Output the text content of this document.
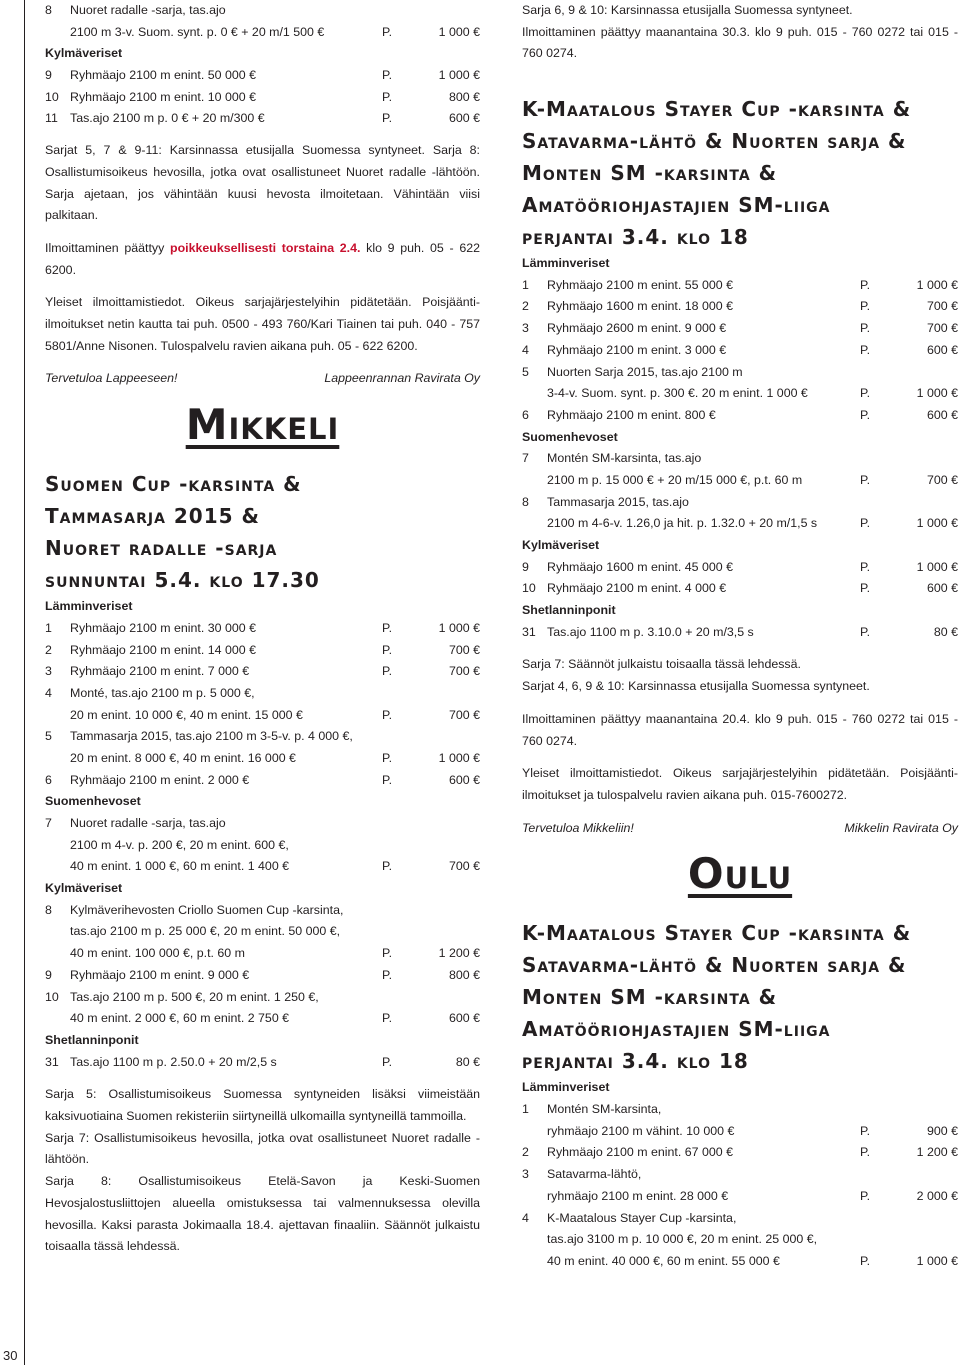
30
8	Nuoret radalle -sarja, tas.ajo
2100 m 3-v. Suom. synt. p. 0 € + 20 m/1 500 €	P.	1 000 €
Kylmäveriset
9	Ryhmäajo 2100 m enint. 50 000 €	P.	1 000 €
10 Ryhmäajo 2100 m enint. 10 000 €	P.	800 €
11 Tas.ajo 2100 m p. 0 € + 20 m/300 €	P.	600 €

Sarjat 5, 7 & 9-11: Karsinnassa etusijalla Suomessa syntyneet. Sarja 8: Osallistumisoikeus hevosilla, jotka ovat osallistuneet Nuoret radalle -lähtöön. Sarja ajetaan, jos vähintään kuusi hevosta ilmoitetaan. Vähintään viisi palkitaan.

Ilmoittaminen päättyy poikkeuksellisesti torstaina 2.4. klo 9 puh. 05 - 622 6200.

Yleiset ilmoittamistiedot. Oikeus sarjajärjestelyihin pidätetään. Poisjäänti-ilmoitukset netin kautta tai puh. 0500 - 493 760/Kari Tiainen tai puh. 040 - 757 5801/Anne Nisonen. Tulospalvelu ravien aikana puh. 05 - 622 6200.

Tervetuloa Lappeeseen!	Lappeenrannan Ravirata Oy
Mikkeli
Suomen Cup -karsinta &
Tammasarja 2015 &
Nuoret radalle -sarja
sunnuntai 5.4. klo 17.30
Lämminveriset
1	Ryhmäajo 2100 m enint. 30 000 €	P.	1 000 €
2	Ryhmäajo 2100 m enint. 14 000 €	P.	700 €
3	Ryhmäajo 2100 m enint. 7 000 €	P.	700 €
4	Monté, tas.ajo 2100 m p. 5 000 €,
20 m enint. 10 000 €, 40 m enint. 15 000 €	P.	700 €
5	Tammasarja 2015, tas.ajo 2100 m 3-5-v. p. 4 000 €,
20 m enint. 8 000 €, 40 m enint. 16 000 €	P.	1 000 €
6	Ryhmäajo 2100 m enint. 2 000 €	P.	600 €
Suomenhevoset
7	Nuoret radalle -sarja, tas.ajo
2100 m 4-v. p. 200 €, 20 m enint. 600 €,
40 m enint. 1 000 €, 60 m enint. 1 400 €	P.	700 €
Kylmäveriset
8	Kylmäverihevosten Criollo Suomen Cup -karsinta,
tas.ajo 2100 m p. 25 000 €, 20 m enint. 50 000 €,
40 m enint. 100 000 €, p.t. 60 m	P.	1 200 €
9	Ryhmäajo 2100 m enint. 9 000 €	P.	800 €
10 Tas.ajo 2100 m p. 500 €, 20 m enint. 1 250 €,
40 m enint. 2 000 €, 60 m enint. 2 750 €	P.	600 €
Shetlanninponit
31 Tas.ajo 1100 m p. 2.50.0 + 20 m/2,5 s	P.	80 €

Sarja 5: Osallistumisoikeus Suomessa syntyneiden lisäksi viimeistään kaksivuotiaina Suomen rekisteriin siirtyneillä ulkomailla syntyneillä tammoilla.

Sarja 7: Osallistumisoikeus hevosilla, jotka ovat osallistuneet Nuoret radalle -lähtöön.

Sarja 8: Osallistumisoikeus Etelä-Savon ja Keski-Suomen Hevosjalostusliittojen alueella omistuksessa tai valmennuksessa olevilla hevosilla. Kaksi parasta Jokimaalla 18.4. ajettavan finaaliin. Säännöt julkaistu toisaalla tässä lehdessä.

Sarja 6, 9 & 10: Karsinnassa etusijalla Suomessa syntyneet.

Ilmoittaminen päättyy maanantaina 30.3. klo 9 puh. 015 - 760 0272 tai 015 - 760 0274.

K-Maatalous Stayer Cup -karsinta &
Satavarma-lähtö & Nuorten sarja &
Monten SM -karsinta &
Amatööriohjastajien SM-liiga
perjantai 3.4. klo 18
Lämminveriset
1	Ryhmäajo 2100 m enint. 55 000 €	P.	1 000 €
2	Ryhmäajo 1600 m enint. 18 000 €	P.	700 €
3	Ryhmäajo 2600 m enint. 9 000 €	P.	700 €
4	Ryhmäajo 2100 m enint. 3 000 €	P.	600 €
5	Nuorten Sarja 2015, tas.ajo 2100 m
3-4-v. Suom. synt. p. 300 €. 20 m enint. 1 000 €	P.	1 000 €
6	Ryhmäajo 2100 m enint. 800 €	P.	600 €
Suomenhevoset
7	Montén SM-karsinta, tas.ajo
2100 m p. 15 000 € + 20 m/15 000 €, p.t. 60 m	P.	700 €
8	Tammasarja 2015, tas.ajo
2100 m 4-6-v. 1.26,0 ja hit. p. 1.32.0 + 20 m/1,5 s	P.	1 000 €
Kylmäveriset
9	Ryhmäajo 1600 m enint. 45 000 €	P.	1 000 €
10 Ryhmäajo 2100 m enint. 4 000 €	P.	600 €
Shetlanninponit
31 Tas.ajo 1100 m p. 3.10.0 + 20 m/3,5 s	P.	80 €

Sarja 7: Säännöt julkaistu toisaalla tässä lehdessä.

Sarjat 4, 6, 9 & 10: Karsinnassa etusijalla Suomessa syntyneet.

Ilmoittaminen päättyy maanantaina 20.4. klo 9 puh. 015 - 760 0272 tai 015 - 760 0274.

Yleiset ilmoittamistiedot. Oikeus sarjajärjestelyihin pidätetään. Poisjäänti-ilmoitukset ja tulospalvelu ravien aikana puh. 015-7600272.

Tervetuloa Mikkeliin!	Mikkelin Ravirata Oy
Oulu
K-Maatalous Stayer Cup -karsinta &
Satavarma-lähtö & Nuorten sarja &
Monten SM -karsinta &
Amatööriohjastajien SM-liiga
perjantai 3.4. klo 18
Lämminveriset
1	Montén SM-karsinta,
ryhmäajo 2100 m vähint. 10 000 €	P.	900 €
2	Ryhmäajo 2100 m enint. 67 000 €	P.	1 200 €
3	Satavarma-lähtö,
ryhmäajo 2100 m enint. 28 000 €	P.	2 000 €
4	K-Maatalous Stayer Cup -karsinta,
tas.ajo 3100 m p. 10 000 €, 20 m enint. 25 000 €,
40 m enint. 40 000 €, 60 m enint. 55 000 €	P.	1 000 €
